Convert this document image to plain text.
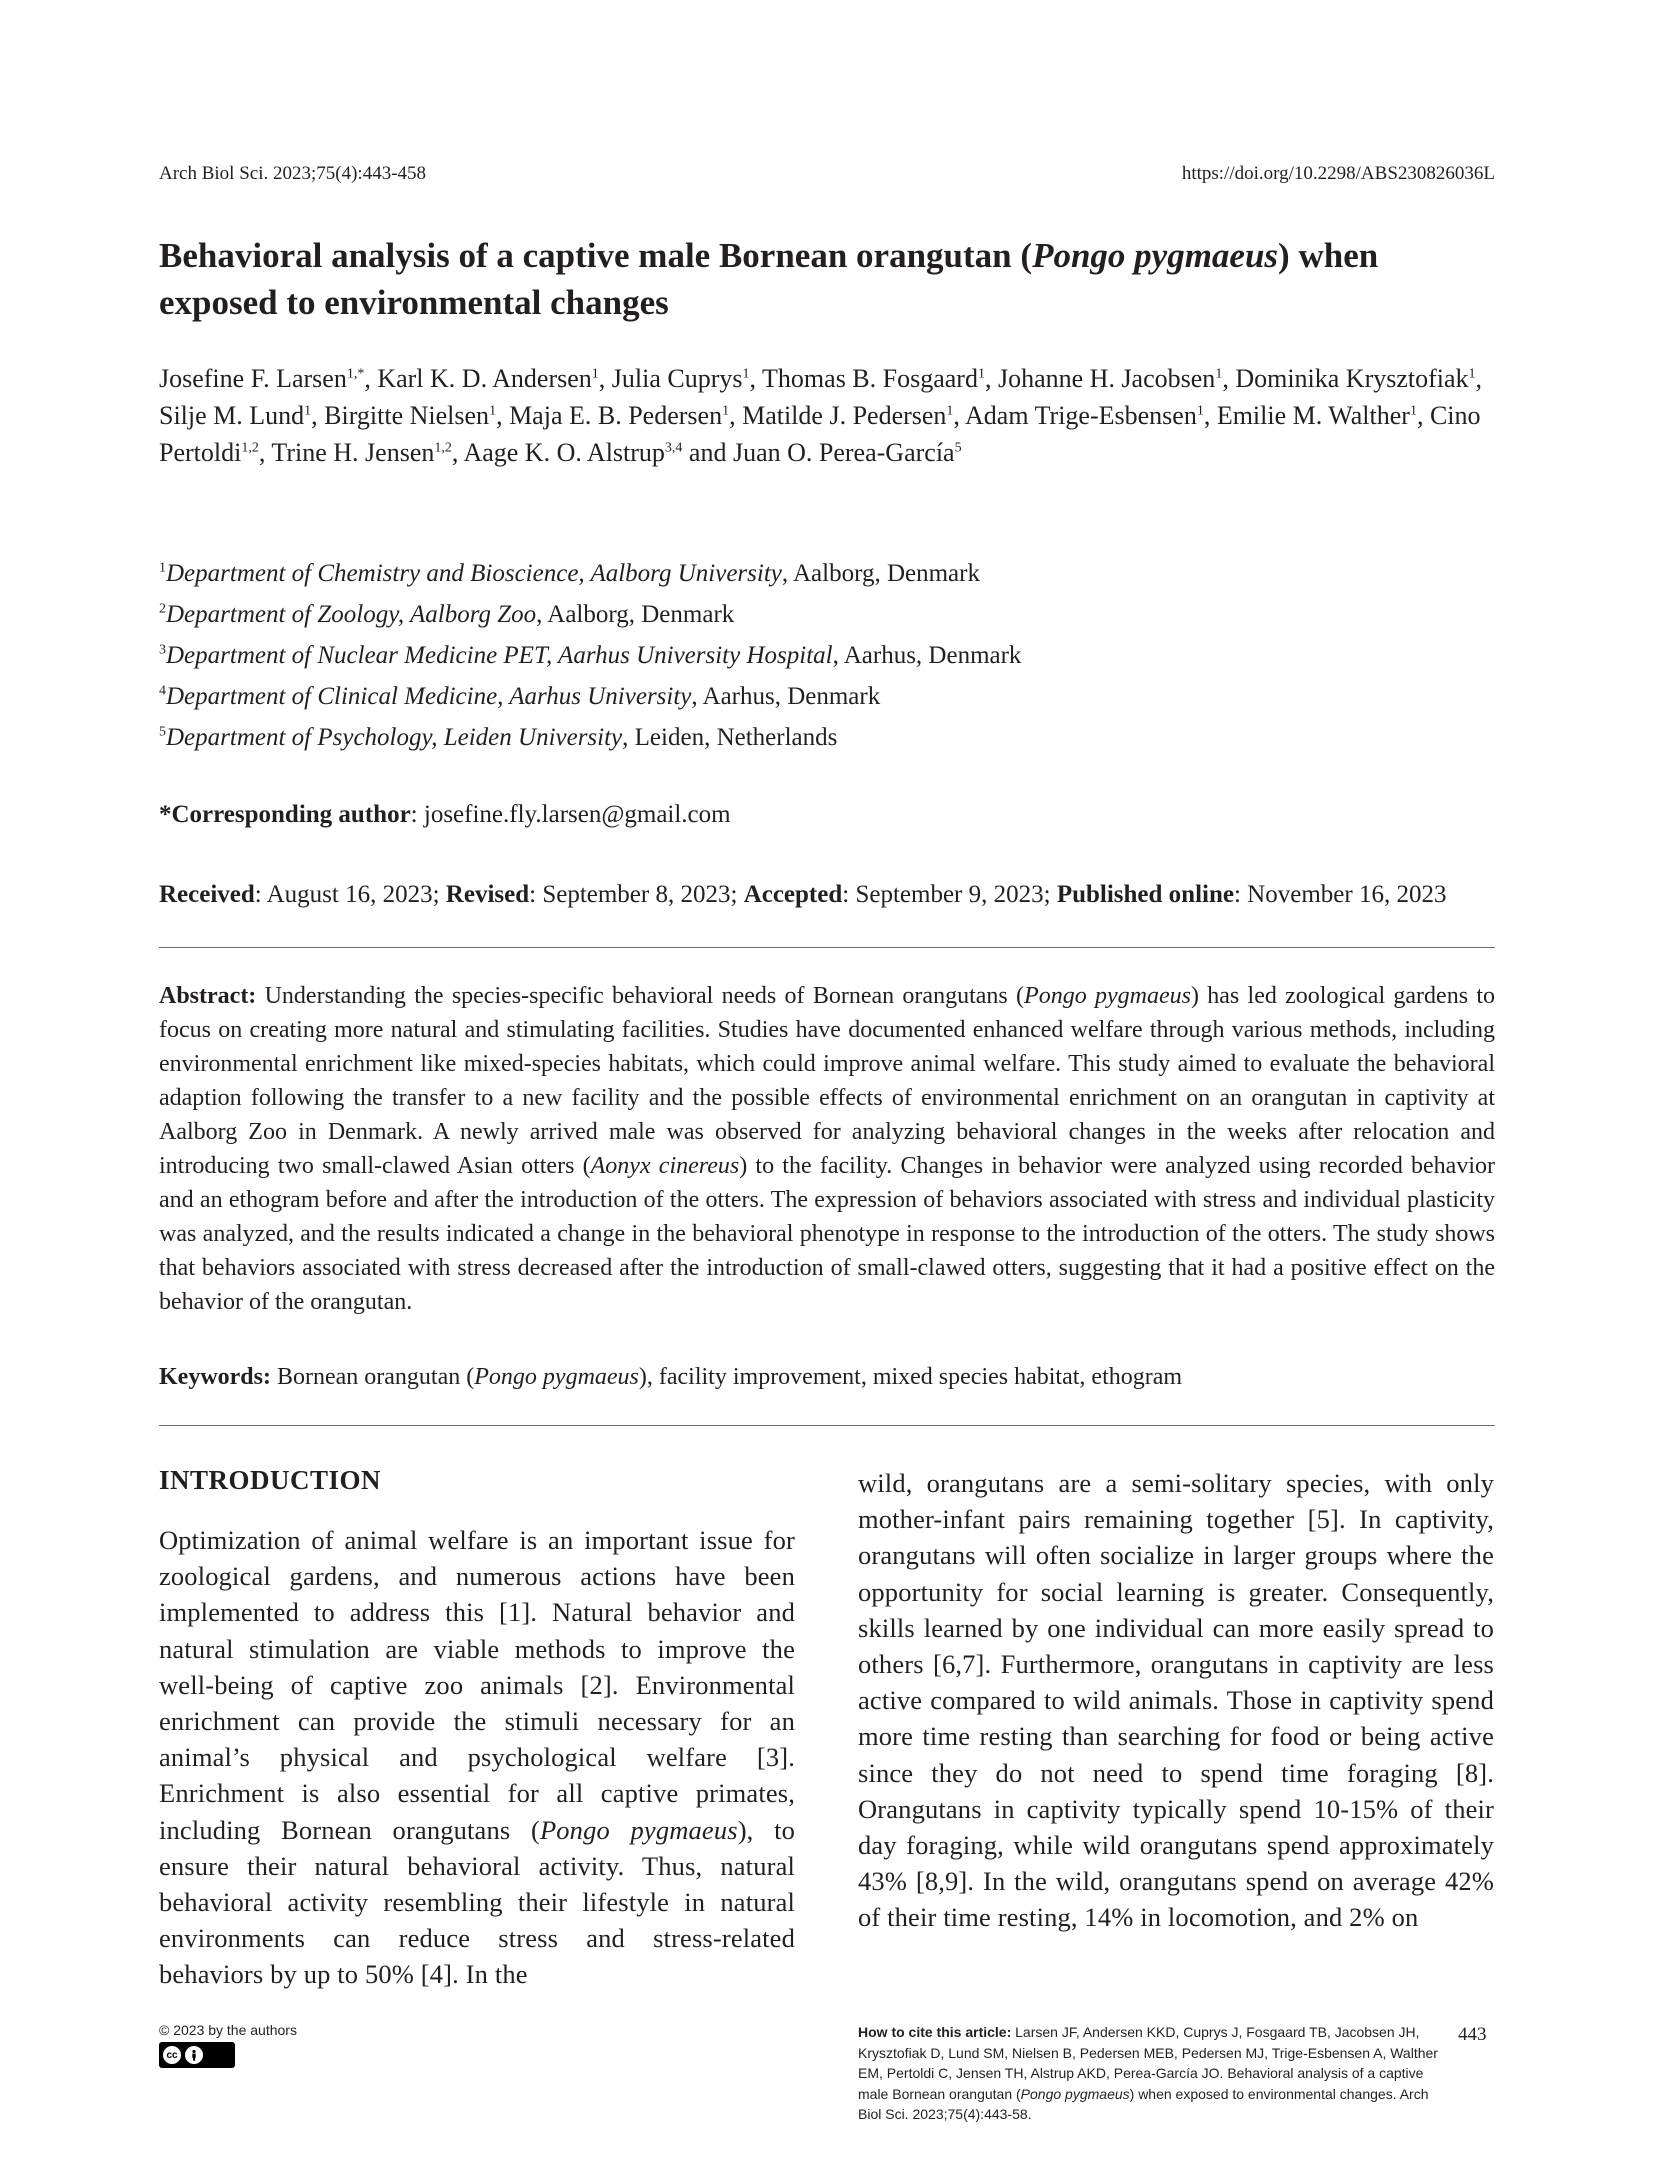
Arch Biol Sci. 2023;75(4):443-458	https://doi.org/10.2298/ABS230826036L
Behavioral analysis of a captive male Bornean orangutan (Pongo pygmaeus) when exposed to environmental changes
Josefine F. Larsen$^{1,*}$, Karl K. D. Andersen$^1$, Julia Cuprys$^1$, Thomas B. Fosgaard$^1$, Johanne H. Jacobsen$^1$, Dominika Krysztofiak$^1$, Silje M. Lund$^1$, Birgitte Nielsen$^1$, Maja E. B. Pedersen$^1$, Matilde J. Pedersen$^1$, Adam Trige-Esbensen$^1$, Emilie M. Walther$^1$, Cino Pertoldi$^{1,2}$, Trine H. Jensen$^{1,2}$, Aage K. O. Alstrup$^{3,4}$ and Juan O. Perea-García$^5$
$^1$Department of Chemistry and Bioscience, Aalborg University, Aalborg, Denmark
$^2$Department of Zoology, Aalborg Zoo, Aalborg, Denmark
$^3$Department of Nuclear Medicine PET, Aarhus University Hospital, Aarhus, Denmark
$^4$Department of Clinical Medicine, Aarhus University, Aarhus, Denmark
$^5$Department of Psychology, Leiden University, Leiden, Netherlands
*Corresponding author: josefine.fly.larsen@gmail.com
Received: August 16, 2023; Revised: September 8, 2023; Accepted: September 9, 2023; Published online: November 16, 2023
Abstract: Understanding the species-specific behavioral needs of Bornean orangutans (Pongo pygmaeus) has led zoological gardens to focus on creating more natural and stimulating facilities. Studies have documented enhanced welfare through various methods, including environmental enrichment like mixed-species habitats, which could improve animal welfare. This study aimed to evaluate the behavioral adaption following the transfer to a new facility and the possible effects of environmental enrichment on an orangutan in captivity at Aalborg Zoo in Denmark. A newly arrived male was observed for analyzing behavioral changes in the weeks after relocation and introducing two small-clawed Asian otters (Aonyx cinereus) to the facility. Changes in behavior were analyzed using recorded behavior and an ethogram before and after the introduction of the otters. The expression of behaviors associated with stress and individual plasticity was analyzed, and the results indicated a change in the behavioral phenotype in response to the introduction of the otters. The study shows that behaviors associated with stress decreased after the introduction of small-clawed otters, suggesting that it had a positive effect on the behavior of the orangutan.
Keywords: Bornean orangutan (Pongo pygmaeus), facility improvement, mixed species habitat, ethogram
INTRODUCTION
Optimization of animal welfare is an important issue for zoological gardens, and numerous actions have been implemented to address this [1]. Natural behavior and natural stimulation are viable methods to improve the well-being of captive zoo animals [2]. Environmental enrichment can provide the stimuli necessary for an animal’s physical and psychological welfare [3]. Enrichment is also essential for all captive primates, including Bornean orangutans (Pongo pygmaeus), to ensure their natural behavioral activity. Thus, natural behavioral activity resembling their lifestyle in natural environments can reduce stress and stress-related behaviors by up to 50% [4]. In the
wild, orangutans are a semi-solitary species, with only mother-infant pairs remaining together [5]. In captivity, orangutans will often socialize in larger groups where the opportunity for social learning is greater. Consequently, skills learned by one individual can more easily spread to others [6,7]. Furthermore, orangutans in captivity are less active compared to wild animals. Those in captivity spend more time resting than searching for food or being active since they do not need to spend time foraging [8]. Orangutans in captivity typically spend 10-15% of their day foraging, while wild orangutans spend approximately 43% [8,9]. In the wild, orangutans spend on average 42% of their time resting, 14% in locomotion, and 2% on
© 2023 by the authors
cc
How to cite this article: Larsen JF, Andersen KKD, Cuprys J, Fosgaard TB, Jacobsen JH, Krysztofiak D, Lund SM, Nielsen B, Pedersen MEB, Pedersen MJ, Trige-Esbensen A, Walther EM, Pertoldi C, Jensen TH, Alstrup AKD, Perea-García JO. Behavioral analysis of a captive male Bornean orangutan (Pongo pygmaeus) when exposed to environmental changes. Arch Biol Sci. 2023;75(4):443-58.
443
